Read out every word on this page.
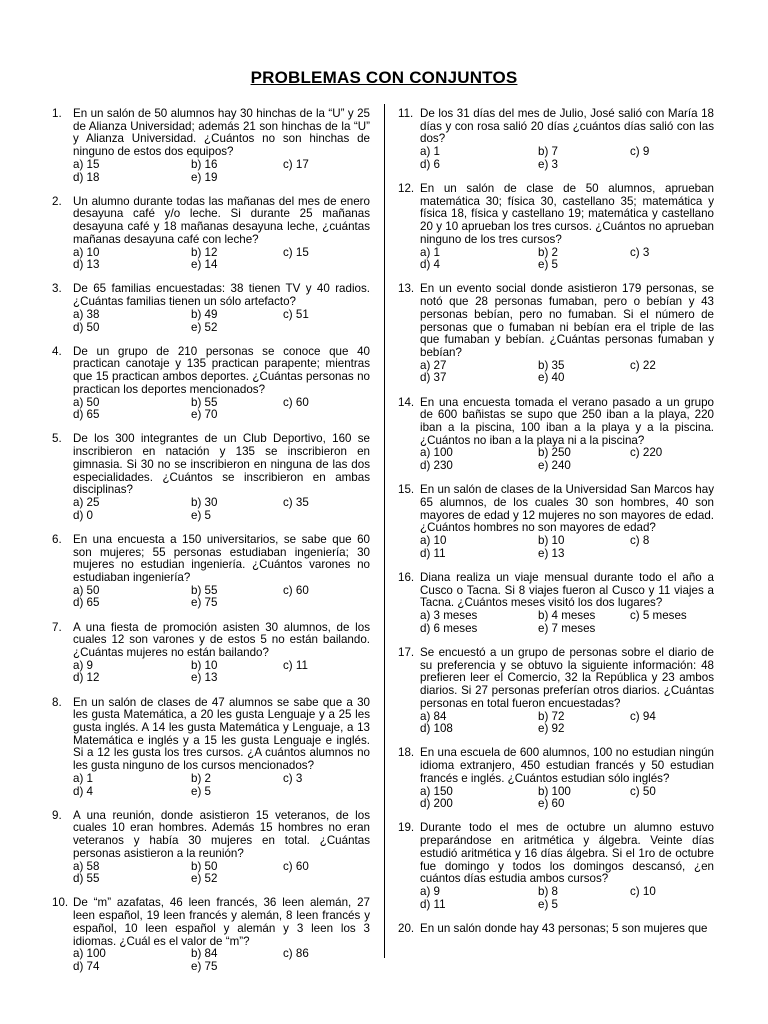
PROBLEMAS CON CONJUNTOS
1. En un salón de 50 alumnos hay 30 hinchas de la “U” y 25 de Alianza Universidad; además 21 son hinchas de la “U” y Alianza Universidad. ¿Cuántos no son hinchas de ninguno de estos dos equipos?
a) 15	b) 16	c) 17
d) 18	e) 19
2. Un alumno durante todas las mañanas del mes de enero desayuna café y/o leche. Si durante 25 mañanas desayuna café y 18 mañanas desayuna leche, ¿cuántas mañanas desayuna café con leche?
a) 10	b) 12	c) 15
d) 13	e) 14
3. De 65 familias encuestadas: 38 tienen TV y 40 radios. ¿Cuántas familias tienen un sólo artefacto?
a) 38	b) 49	c) 51
d) 50	e) 52
4. De un grupo de 210 personas se conoce que 40 practican canotaje y 135 practican parapente; mientras que 15 practican ambos deportes. ¿Cuántas personas no practican los deportes mencionados?
a) 50	b) 55	c) 60
d) 65	e) 70
5. De los 300 integrantes de un Club Deportivo, 160 se inscribieron en natación y 135 se inscribieron en gimnasia. Si 30 no se inscribieron en ninguna de las dos especialidades. ¿Cuántos se inscribieron en ambas disciplinas?
a) 25	b) 30	c) 35
d) 0	e) 5
6. En una encuesta a 150 universitarios, se sabe que 60 son mujeres; 55 personas estudiaban ingeniería; 30 mujeres no estudian ingeniería. ¿Cuántos varones no estudiaban ingeniería?
a) 50	b) 55	c) 60
d) 65	e) 75
7. A una fiesta de promoción asisten 30 alumnos, de los cuales 12 son varones y de estos 5 no están bailando. ¿Cuántas mujeres no están bailando?
a) 9	b) 10	c) 11
d) 12	e) 13
8. En un salón de clases de 47 alumnos se sabe que a 30 les gusta Matemática, a 20 les gusta Lenguaje y a 25 les gusta inglés. A 14 les gusta Matemática y Lenguaje, a 13 Matemática e inglés y a 15 les gusta Lenguaje e inglés. Si a 12 les gusta los tres cursos. ¿A cuántos alumnos no les gusta ninguno de los cursos mencionados?
a) 1	b) 2	c) 3
d) 4	e) 5
9. A una reunión, donde asistieron 15 veteranos, de los cuales 10 eran hombres. Además 15 hombres no eran veteranos y había 30 mujeres en total. ¿Cuántas personas asistieron a la reunión?
a) 58	b) 50	c) 60
d) 55	e) 52
10. De “m” azafatas, 46 leen francés, 36 leen alemán, 27 leen español, 19 leen francés y alemán, 8 leen francés y español, 10 leen español y alemán y 3 leen los 3 idiomas. ¿Cuál es el valor de “m”?
a) 100	b) 84	c) 86
d) 74	e) 75
11. De los 31 días del mes de Julio, José salió con María 18 días y con rosa salió 20 días ¿cuántos días salió con las dos?
a) 1	b) 7	c) 9
d) 6	e) 3
12. En un salón de clase de 50 alumnos, aprueban matemática 30; física 30, castellano 35; matemática y física 18, física y castellano 19; matemática y castellano 20 y 10 aprueban los tres cursos. ¿Cuántos no aprueban ninguno de los tres cursos?
a) 1	b) 2	c) 3
d) 4	e) 5
13. En un evento social donde asistieron 179 personas, se notó que 28 personas fumaban, pero o bebían y 43 personas bebían, pero no fumaban. Si el número de personas que o fumaban ni bebían era el triple de las que fumaban y bebían. ¿Cuántas personas fumaban y bebían?
a) 27	b) 35	c) 22
d) 37	e) 40
14. En una encuesta tomada el verano pasado a un grupo de 600 bañistas se supo que 250 iban a la playa, 220 iban a la piscina, 100 iban a la playa y a la piscina. ¿Cuántos no iban a la playa ni a la piscina?
a) 100	b) 250	c) 220
d) 230	e) 240
15. En un salón de clases de la Universidad San Marcos hay 65 alumnos, de los cuales 30 son hombres, 40 son mayores de edad y 12 mujeres no son mayores de edad. ¿Cuántos hombres no son mayores de edad?
a) 10	b) 10	c) 8
d) 11	e) 13
16. Diana realiza un viaje mensual durante todo el año a Cusco o Tacna. Si 8 viajes fueron al Cusco y 11 viajes a Tacna. ¿Cuántos meses visitó los dos lugares?
a) 3 meses	b) 4 meses	c) 5 meses
d) 6 meses	e) 7 meses
17. Se encuestó a un grupo de personas sobre el diario de su preferencia y se obtuvo la siguiente información: 48 prefieren leer el Comercio, 32 la República y 23 ambos diarios. Si 27 personas preferían otros diarios. ¿Cuántas personas en total fueron encuestadas?
a) 84	b) 72	c) 94
d) 108	e) 92
18. En una escuela de 600 alumnos, 100 no estudian ningún idioma extranjero, 450 estudian francés y 50 estudian francés e inglés. ¿Cuántos estudian sólo inglés?
a) 150	b) 100	c) 50
d) 200	e) 60
19. Durante todo el mes de octubre un alumno estuvo preparándose en aritmética y álgebra. Veinte días estudió aritmética y 16 días álgebra. Si el 1ro de octubre fue domingo y todos los domingos descansó, ¿en cuántos días estudia ambos cursos?
a) 9	b) 8	c) 10
d) 11	e) 5
20. En un salón donde hay 43 personas; 5 son mujeres que
